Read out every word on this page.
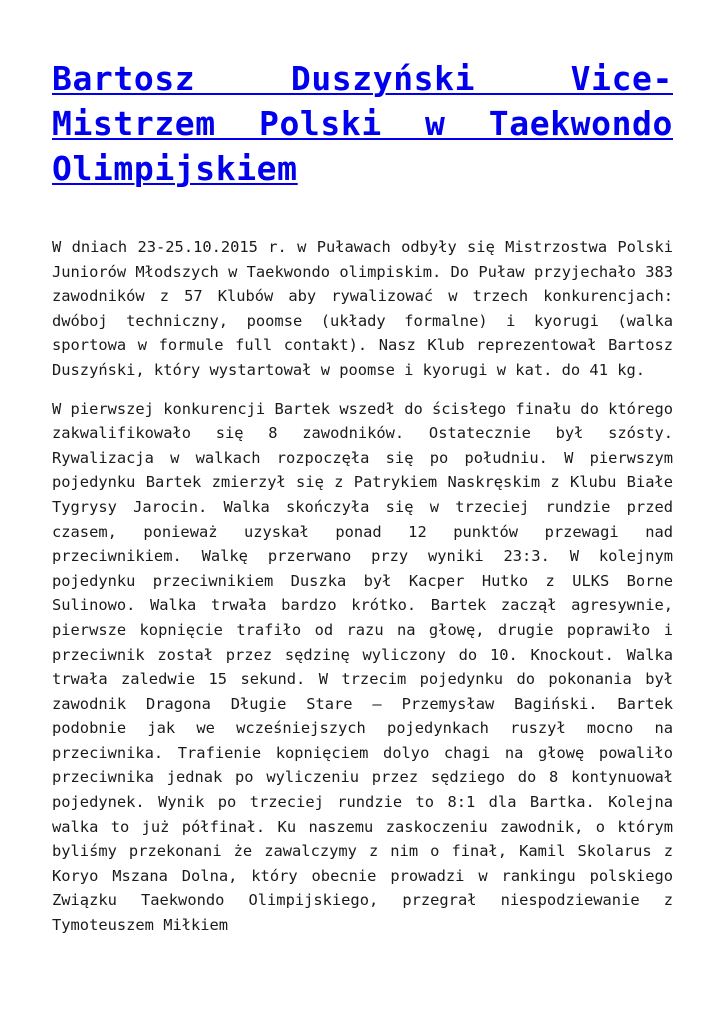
Bartosz Duszyński Vice-Mistrzem Polski w Taekwondo Olimpijskiem

W dniach 23-25.10.2015 r. w Puławach odbyły się Mistrzostwa Polski Juniorów Młodszych w Taekwondo olimpiskim. Do Puław przyjechało 383 zawodników z 57 Klubów aby rywalizować w trzech konkurencjach: dwóboj techniczny, poomse (układy formalne) i kyorugi (walka sportowa w formule full contakt). Nasz Klub reprezentował Bartosz Duszyński, który wystartował w poomse i kyorugi w kat. do 41 kg.

W pierwszej konkurencji Bartek wszedł do ścisłego finału do którego zakwalifikowało się 8 zawodników. Ostatecznie był szósty. Rywalizacja w walkach rozpoczęła się po południu. W pierwszym pojedynku Bartek zmierzył się z Patrykiem Naskręskim z Klubu Białe Tygrysy Jarocin. Walka skończyła się w trzeciej rundzie przed czasem, ponieważ uzyskał ponad 12 punktów przewagi nad przeciwnikiem. Walkę przerwano przy wyniki 23:3. W kolejnym pojedynku przeciwnikiem Duszka był Kacper Hutko z ULKS Borne Sulinowo. Walka trwała bardzo krótko. Bartek zaczął agresywnie, pierwsze kopnięcie trafiło od razu na głowę, drugie poprawiło i przeciwnik został przez sędzinę wyliczony do 10. Knockout. Walka trwała zaledwie 15 sekund. W trzecim pojedynku do pokonania był zawodnik Dragona Długie Stare – Przemysław Bagiński. Bartek podobnie jak we wcześniejszych pojedynkach ruszył mocno na przeciwnika. Trafienie kopnięciem dolyo chagi na głowę powaliło przeciwnika jednak po wyliczeniu przez sędziego do 8 kontynuował pojedynek. Wynik po trzeciej rundzie to 8:1 dla Bartka. Kolejna walka to już półfinał. Ku naszemu zaskoczeniu zawodnik, o którym byliśmy przekonani że zawalczymy z nim o finał, Kamil Skolarus z Koryo Mszana Dolna, który obecnie prowadzi w rankingu polskiego Związku Taekwondo Olimpijskiego, przegrał niespodziewanie z Tymoteuszem Miłkiem
